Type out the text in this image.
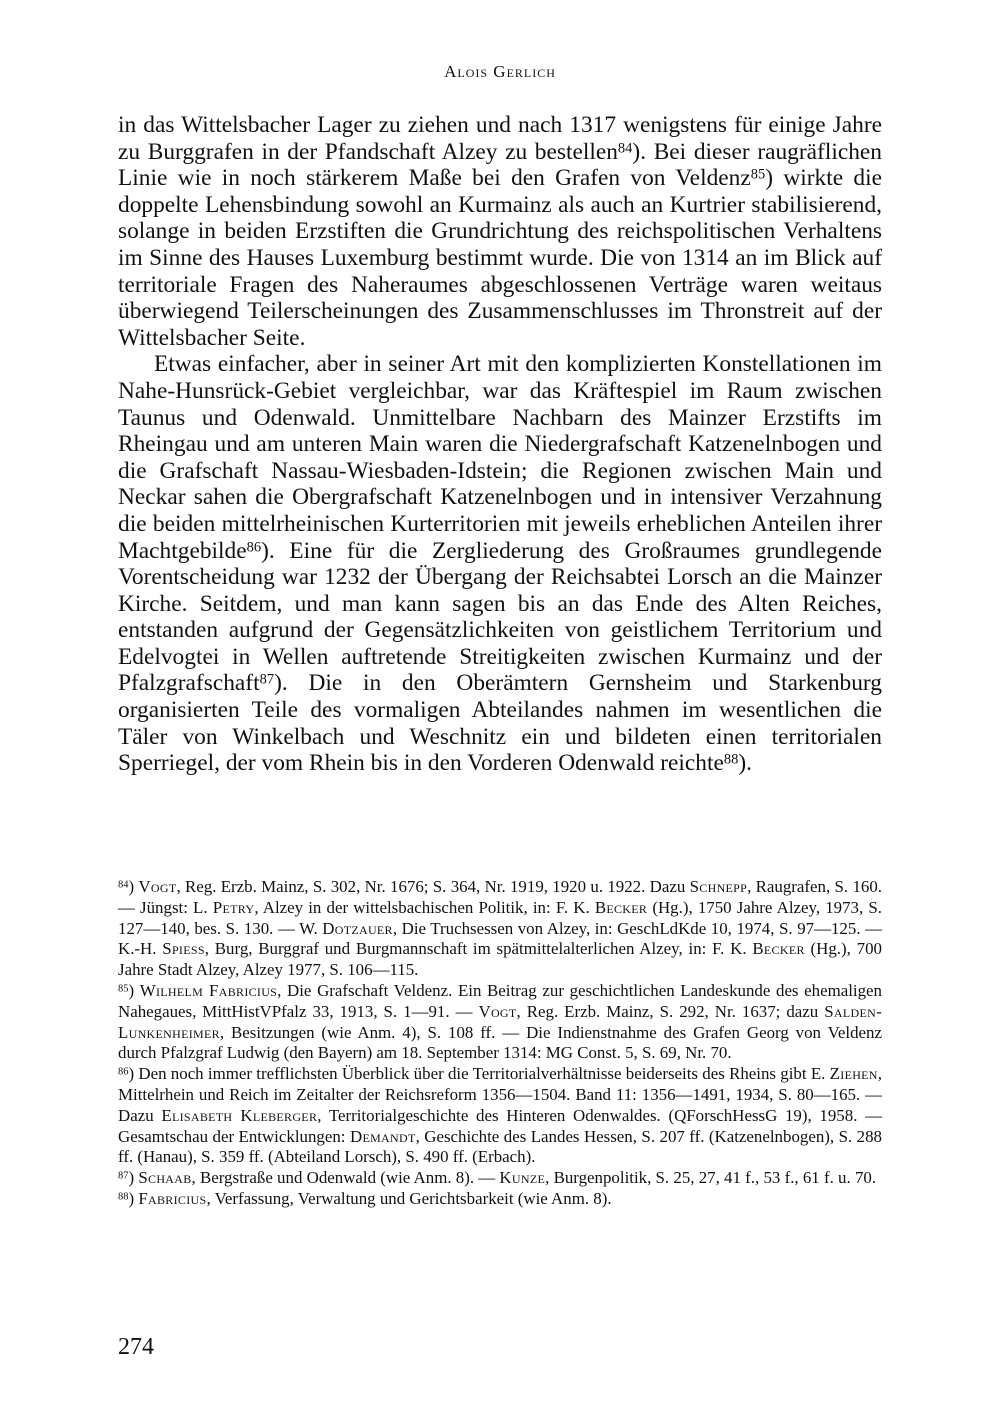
Alois Gerlich

in das Wittelsbacher Lager zu ziehen und nach 1317 wenigstens für einige Jahre zu Burggrafen in der Pfandschaft Alzey zu bestellen$^{84}$). Bei dieser raugräflichen Linie wie in noch stärkerem Maße bei den Grafen von Veldenz$^{85}$) wirkte die doppelte Lehensbindung sowohl an Kurmainz als auch an Kurtrier stabilisierend, solange in beiden Erzstiften die Grundrichtung des reichspolitischen Verhaltens im Sinne des Hauses Luxemburg bestimmt wurde. Die von 1314 an im Blick auf territoriale Fragen des Naheraumes abgeschlossenen Verträge waren weitaus überwiegend Teilerscheinungen des Zusammenschlusses im Thronstreit auf der Wittelsbacher Seite.

Etwas einfacher, aber in seiner Art mit den komplizierten Konstellationen im Nahe-Hunsrück-Gebiet vergleichbar, war das Kräftespiel im Raum zwischen Taunus und Odenwald. Unmittelbare Nachbarn des Mainzer Erzstifts im Rheingau und am unteren Main waren die Niedergrafschaft Katzenelnbogen und die Grafschaft Nassau-Wiesbaden-Idstein; die Regionen zwischen Main und Neckar sahen die Obergrafschaft Katzenelnbogen und in intensiver Verzahnung die beiden mittelrheinischen Kurterritorien mit jeweils erheblichen Anteilen ihrer Machtgebilde$^{86}$). Eine für die Zergliederung des Großraumes grundlegende Vorentscheidung war 1232 der Übergang der Reichsabtei Lorsch an die Mainzer Kirche. Seitdem, und man kann sagen bis an das Ende des Alten Reiches, entstanden aufgrund der Gegensätzlichkeiten von geistlichem Territorium und Edelvogtei in Wellen auftretende Streitigkeiten zwischen Kurmainz und der Pfalzgrafschaft$^{87}$). Die in den Oberämtern Gernsheim und Starkenburg organisierten Teile des vormaligen Abteilandes nahmen im wesentlichen die Täler von Winkelbach und Weschnitz ein und bildeten einen territorialen Sperriegel, der vom Rhein bis in den Vorderen Odenwald reichte$^{88}$).

$^{84}$) Vogt, Reg. Erzb. Mainz, S. 302, Nr. 1676; S. 364, Nr. 1919, 1920 u. 1922. Dazu Schnepp, Raugrafen, S. 160. — Jüngst: L. Petry, Alzey in der wittelsbachischen Politik, in: F. K. Becker (Hg.), 1750 Jahre Alzey, 1973, S. 127—140, bes. S. 130. — W. Dotzauer, Die Truchsessen von Alzey, in: GeschLdKde 10, 1974, S. 97—125. — K.-H. Spiess, Burg, Burggraf und Burgmannschaft im spätmittelalterlichen Alzey, in: F. K. Becker (Hg.), 700 Jahre Stadt Alzey, Alzey 1977, S. 106—115.

$^{85}$) Wilhelm Fabricius, Die Grafschaft Veldenz. Ein Beitrag zur geschichtlichen Landeskunde des ehemaligen Nahegaues, MittHistVPfalz 33, 1913, S. 1—91. — Vogt, Reg. Erzb. Mainz, S. 292, Nr. 1637; dazu Salden-Lunkenheimer, Besitzungen (wie Anm. 4), S. 108 ff. — Die Indienstnahme des Grafen Georg von Veldenz durch Pfalzgraf Ludwig (den Bayern) am 18. September 1314: MG Const. 5, S. 69, Nr. 70.

$^{86}$) Den noch immer trefflichsten Überblick über die Territorialverhältnisse beiderseits des Rheins gibt E. Ziehen, Mittelrhein und Reich im Zeitalter der Reichsreform 1356—1504. Band 11: 1356—1491, 1934, S. 80—165. — Dazu Elisabeth Kleberger, Territorialgeschichte des Hinteren Odenwaldes. (QForschHessG 19), 1958. — Gesamtschau der Entwicklungen: Demandt, Geschichte des Landes Hessen, S. 207 ff. (Katzenelnbogen), S. 288 ff. (Hanau), S. 359 ff. (Abteiland Lorsch), S. 490 ff. (Erbach).

$^{87}$) Schaab, Bergstraße und Odenwald (wie Anm. 8). — Kunze, Burgenpolitik, S. 25, 27, 41 f., 53 f., 61 f. u. 70.

$^{88}$) Fabricius, Verfassung, Verwaltung und Gerichtsbarkeit (wie Anm. 8).

274
